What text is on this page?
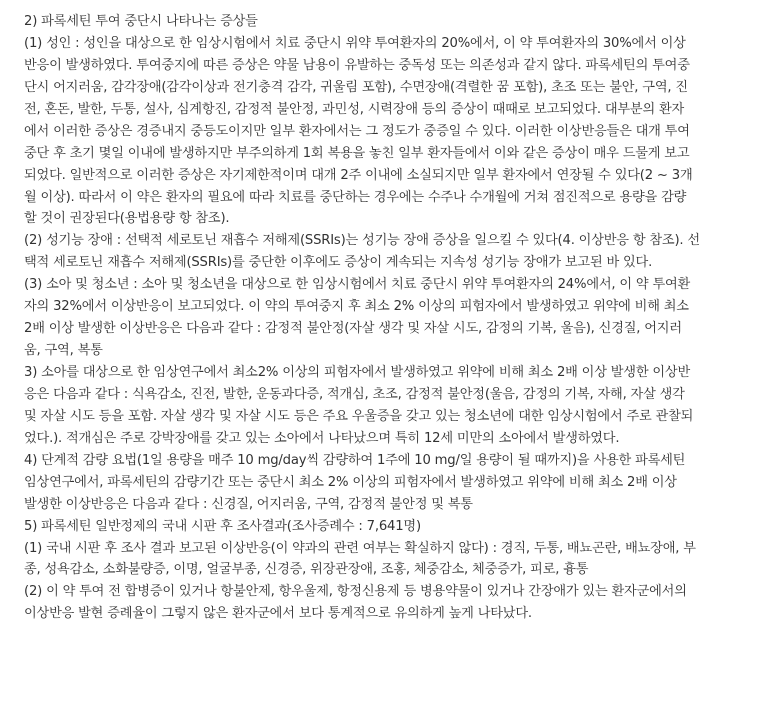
2) 파록세틴 투여 중단시 나타나는 증상들
(1) 성인 : 성인을 대상으로 한 임상시험에서 치료 중단시 위약 투여환자의 20%에서, 이 약 투여환자의 30%에서 이상
반응이 발생하였다. 투여중지에 따른 증상은 약물 남용이 유발하는 중독성 또는 의존성과 같지 않다. 파록세틴의 투여중
단시 어지러움, 감각장애(감각이상과 전기충격 감각, 귀울림 포함), 수면장애(격렬한 꿈 포함), 초조 또는 불안, 구역, 진
전, 혼돈, 발한, 두통, 설사, 심계항진, 감정적 불안정, 과민성, 시력장애 등의 증상이 때때로 보고되었다. 대부분의 환자
에서 이러한 증상은 경증내지 중등도이지만 일부 환자에서는 그 정도가 중증일 수 있다. 이러한 이상반응들은 대개 투여
중단 후 초기 몇일 이내에 발생하지만 부주의하게 1회 복용을 놓친 일부 환자들에서 이와 같은 증상이 매우 드물게 보고
되었다. 일반적으로 이러한 증상은 자기제한적이며 대개 2주 이내에 소실되지만 일부 환자에서 연장될 수 있다(2 ~ 3개
월 이상). 따라서 이 약은 환자의 필요에 따라 치료를 중단하는 경우에는 수주나 수개월에 거쳐 점진적으로 용량을 감량
할 것이 권장된다(용법용량 항 참조).
(2) 성기능 장애 : 선택적 세로토닌 재흡수 저해제(SSRIs)는 성기능 장애 증상을 일으킬 수 있다(4. 이상반응 항 참조). 선
택적 세로토닌 재흡수 저해제(SSRIs)를 중단한 이후에도 증상이 계속되는 지속성 성기능 장애가 보고된 바 있다.
(3) 소아 및 청소년 : 소아 및 청소년을 대상으로 한 임상시험에서 치료 중단시 위약 투여환자의 24%에서, 이 약 투여환
자의 32%에서 이상반응이 보고되었다. 이 약의 투여중지 후 최소 2% 이상의 피험자에서 발생하였고 위약에 비해 최소
2배 이상 발생한 이상반응은 다음과 같다 : 감정적 불안정(자살 생각 및 자살 시도, 감정의 기복, 울음), 신경질, 어지러
움, 구역, 복통
3) 소아를 대상으로 한 임상연구에서 최소2% 이상의 피험자에서 발생하였고 위약에 비해 최소 2배 이상 발생한 이상반
응은 다음과 같다 : 식욕감소, 진전, 발한, 운동과다증, 적개심, 초조, 감정적 불안정(울음, 감정의 기복, 자해, 자살 생각
및 자살 시도 등을 포함. 자살 생각 및 자살 시도 등은 주요 우울증을 갖고 있는 청소년에 대한 임상시험에서 주로 관찰되
었다.). 적개심은 주로 강박장애를 갖고 있는 소아에서 나타났으며 특히 12세 미만의 소아에서 발생하였다.
4) 단계적 감량 요법(1일 용량을 매주 10 mg/day씩 감량하여 1주에 10 mg/일 용량이 될 때까지)을 사용한 파록세틴
임상연구에서, 파록세틴의 감량기간 또는 중단시 최소 2% 이상의 피험자에서 발생하였고 위약에 비해 최소 2배 이상
발생한 이상반응은 다음과 같다 : 신경질, 어지러움, 구역, 감정적 불안정 및 복통
5) 파록세틴 일반정제의 국내 시판 후 조사결과(조사증례수 : 7,641명)
(1) 국내 시판 후 조사 결과 보고된 이상반응(이 약과의 관련 여부는 확실하지 않다) : 경직, 두통, 배뇨곤란, 배뇨장애, 부
종, 성욕감소, 소화불량증, 이명, 얼굴부종, 신경증, 위장관장애, 조홍, 체중감소, 체중증가, 피로, 흉통
(2) 이 약 투여 전 합병증이 있거나 항불안제, 항우울제, 항정신용제 등 병용약물이 있거나 간장애가 있는 환자군에서의
이상반응 발현 증례율이 그렇지 않은 환자군에서 보다 통계적으로 유의하게 높게 나타났다.
